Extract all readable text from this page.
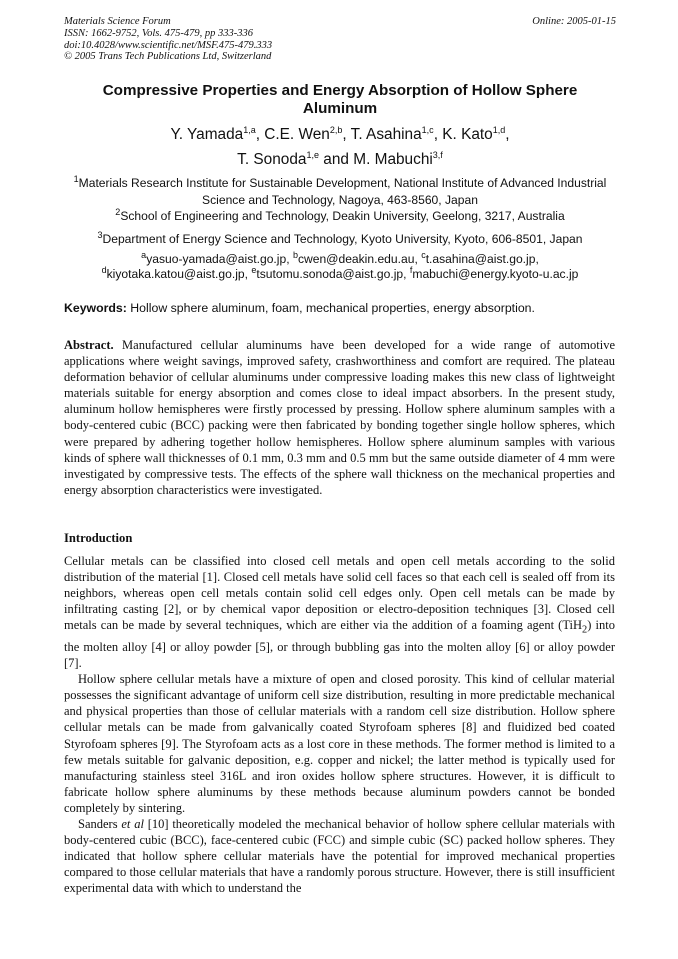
Materials Science Forum
ISSN: 1662-9752, Vols. 475-479, pp 333-336
doi:10.4028/www.scientific.net/MSF.475-479.333
© 2005 Trans Tech Publications Ltd, Switzerland
Online: 2005-01-15
Compressive Properties and Energy Absorption of Hollow Sphere Aluminum
Y. Yamada$^{1,a}$, C.E. Wen$^{2,b}$, T. Asahina$^{1,c}$, K. Kato$^{1,d}$,
T. Sonoda$^{1,e}$ and M. Mabuchi$^{3,f}$
$^1$Materials Research Institute for Sustainable Development, National Institute of Advanced Industrial Science and Technology, Nagoya, 463-8560, Japan
$^2$School of Engineering and Technology, Deakin University, Geelong, 3217, Australia
$^3$Department of Energy Science and Technology, Kyoto University, Kyoto, 606-8501, Japan
$^a$yasuo-yamada@aist.go.jp, $^b$cwen@deakin.edu.au, $^c$t.asahina@aist.go.jp,
$^d$kiyotaka.katou@aist.go.jp, $^e$tsutomu.sonoda@aist.go.jp, $^f$mabuchi@energy.kyoto-u.ac.jp
Keywords: Hollow sphere aluminum, foam, mechanical properties, energy absorption.
Abstract. Manufactured cellular aluminums have been developed for a wide range of automotive applications where weight savings, improved safety, crashworthiness and comfort are required. The plateau deformation behavior of cellular aluminums under compressive loading makes this new class of lightweight materials suitable for energy absorption and comes close to ideal impact absorbers. In the present study, aluminum hollow hemispheres were firstly processed by pressing. Hollow sphere aluminum samples with a body-centered cubic (BCC) packing were then fabricated by bonding together single hollow spheres, which were prepared by adhering together hollow hemispheres. Hollow sphere aluminum samples with various kinds of sphere wall thicknesses of 0.1 mm, 0.3 mm and 0.5 mm but the same outside diameter of 4 mm were investigated by compressive tests. The effects of the sphere wall thickness on the mechanical properties and energy absorption characteristics were investigated.
Introduction

Cellular metals can be classified into closed cell metals and open cell metals according to the solid distribution of the material [1]. Closed cell metals have solid cell faces so that each cell is sealed off from its neighbors, whereas open cell metals contain solid cell edges only. Open cell metals can be made by infiltrating casting [2], or by chemical vapor deposition or electro-deposition techniques [3]. Closed cell metals can be made by several techniques, which are either via the addition of a foaming agent (TiH$_2$) into the molten alloy [4] or alloy powder [5], or through bubbling gas into the molten alloy [6] or alloy powder [7].

Hollow sphere cellular metals have a mixture of open and closed porosity. This kind of cellular material possesses the significant advantage of uniform cell size distribution, resulting in more predictable mechanical and physical properties than those of cellular materials with a random cell size distribution. Hollow sphere cellular metals can be made from galvanically coated Styrofoam spheres [8] and fluidized bed coated Styrofoam spheres [9]. The Styrofoam acts as a lost core in these methods. The former method is limited to a few metals suitable for galvanic deposition, e.g. copper and nickel; the latter method is typically used for manufacturing stainless steel 316L and iron oxides hollow sphere structures. However, it is difficult to fabricate hollow sphere aluminums by these methods because aluminum powders cannot be bonded completely by sintering.

Sanders et al [10] theoretically modeled the mechanical behavior of hollow sphere cellular materials with body-centered cubic (BCC), face-centered cubic (FCC) and simple cubic (SC) packed hollow spheres. They indicated that hollow sphere cellular materials have the potential for improved mechanical properties compared to those cellular materials that have a randomly porous structure. However, there is still insufficient experimental data with which to understand the
